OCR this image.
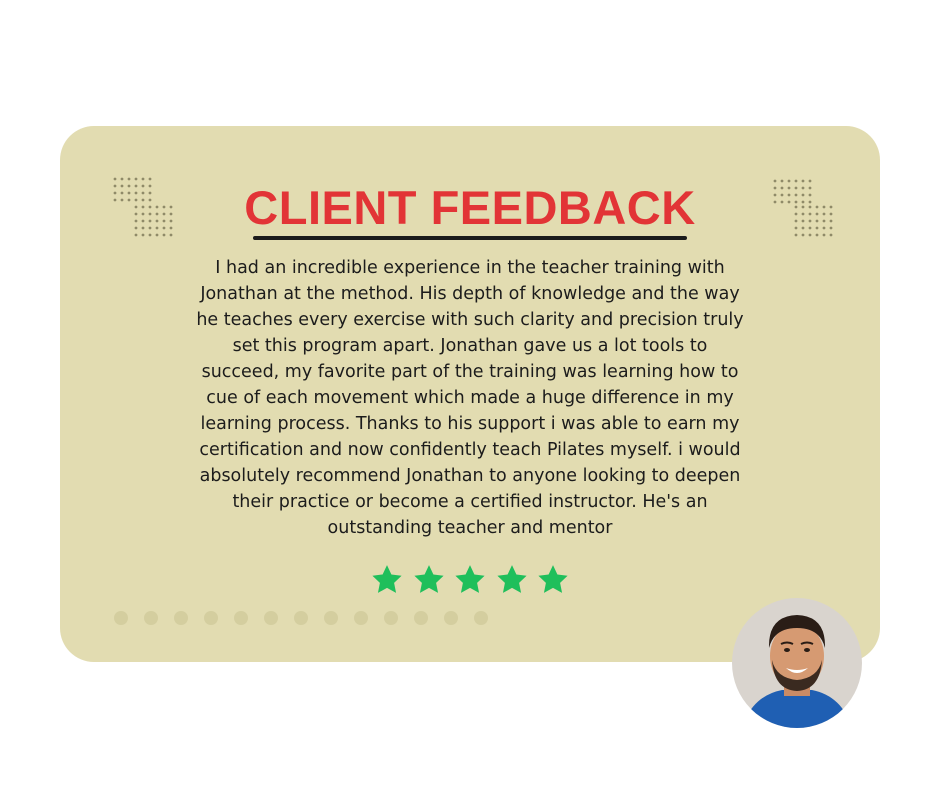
CLIENT FEEDBACK

I had an incredible experience in the teacher training with Jonathan at the method. His depth of knowledge and the way he teaches every exercise with such clarity and precision truly set this program apart. Jonathan gave us a lot tools to succeed, my favorite part of the training was learning how to cue of each movement which made a huge difference in my learning process. Thanks to his support i was able to earn my certification and now confidently teach Pilates myself. i would absolutely recommend Jonathan to anyone looking to deepen their practice or become a certified instructor. He's an outstanding teacher and mentor
